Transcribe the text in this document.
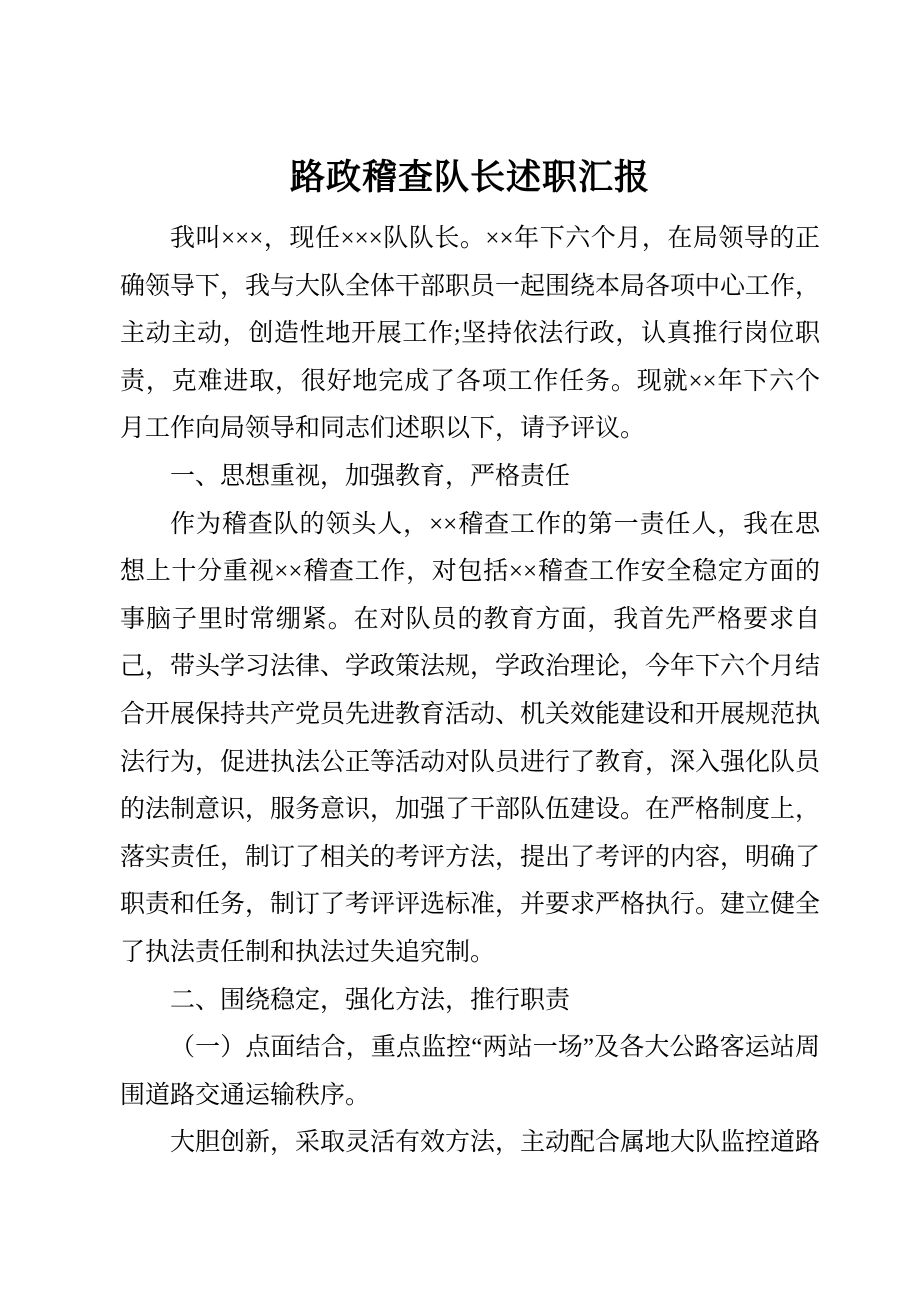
路政稽查队长述职汇报

我叫×××，现任×××队队长。××年下六个月，在局领导的正确领导下，我与大队全体干部职员一起围绕本局各项中心工作，主动主动，创造性地开展工作;坚持依法行政，认真推行岗位职责，克难进取，很好地完成了各项工作任务。现就××年下六个月工作向局领导和同志们述职以下，请予评议。

一、思想重视，加强教育，严格责任

作为稽查队的领头人，××稽查工作的第一责任人，我在思想上十分重视××稽查工作，对包括××稽查工作安全稳定方面的事脑子里时常绷紧。在对队员的教育方面，我首先严格要求自己，带头学习法律、学政策法规，学政治理论，今年下六个月结合开展保持共产党员先进教育活动、机关效能建设和开展规范执法行为，促进执法公正等活动对队员进行了教育，深入强化队员的法制意识，服务意识，加强了干部队伍建设。在严格制度上，落实责任，制订了相关的考评方法，提出了考评的内容，明确了职责和任务，制订了考评评选标准，并要求严格执行。建立健全了执法责任制和执法过失追究制。

二、围绕稳定，强化方法，推行职责

（一）点面结合，重点监控“两站一场”及各大公路客运站周围道路交通运输秩序。

大胆创新，采取灵活有效方法，主动配合属地大队监控道路
